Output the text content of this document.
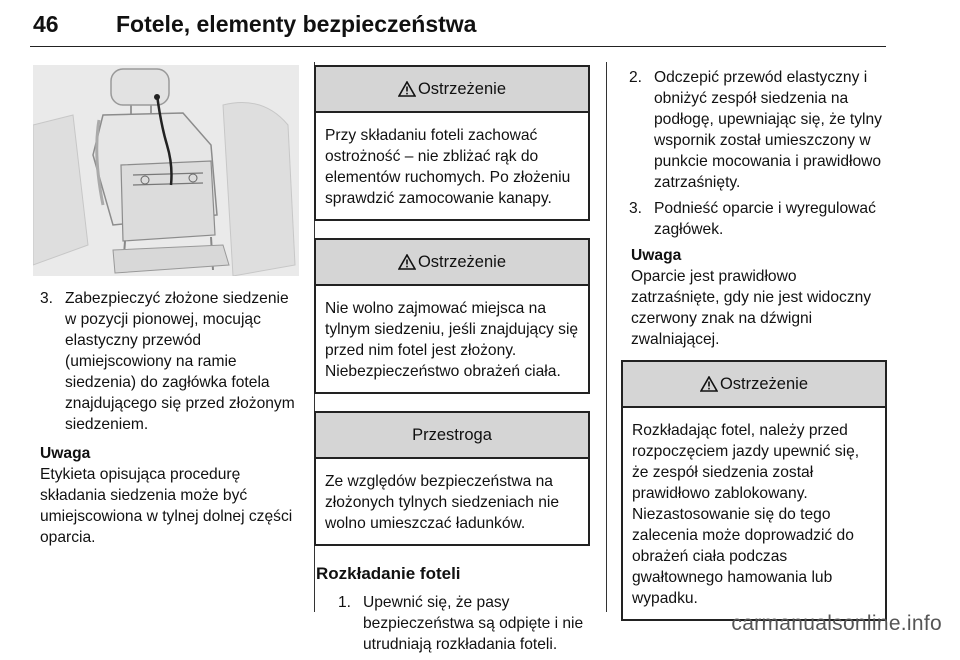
46 Fotele, elementy bezpieczeństwa
3. Zabezpieczyć złożone siedzenie w pozycji pionowej, mocując elastyczny przewód (umiejscowiony na ramie siedzenia) do zagłówka fotela znajdującego się przed złożonym siedzeniem.
Uwaga
Etykieta opisująca procedurę składania siedzenia może być umiejscowiona w tylnej dolnej części oparcia.
Ostrzeżenie
Przy składaniu foteli zachować ostrożność – nie zbliżać rąk do elementów ruchomych. Po złożeniu sprawdzić zamocowanie kanapy.
Ostrzeżenie
Nie wolno zajmować miejsca na tylnym siedzeniu, jeśli znajdujący się przed nim fotel jest złożony. Niebezpieczeństwo obrażeń ciała.
Przestroga
Ze względów bezpieczeństwa na złożonych tylnych siedzeniach nie wolno umieszczać ładunków.
Rozkładanie foteli
1. Upewnić się, że pasy bezpieczeństwa są odpięte i nie utrudniają rozkładania foteli.
2. Odczepić przewód elastyczny i obniżyć zespół siedzenia na podłogę, upewniając się, że tylny wspornik został umieszczony w punkcie mocowania i prawidłowo zatrzaśnięty.
3. Podnieść oparcie i wyregulować zagłówek.
Uwaga
Oparcie jest prawidłowo zatrzaśnięte, gdy nie jest widoczny czerwony znak na dźwigni zwalniającej.
Ostrzeżenie
Rozkładając fotel, należy przed rozpoczęciem jazdy upewnić się, że zespół siedzenia został prawidłowo zablokowany. Niezastosowanie się do tego zalecenia może doprowadzić do obrażeń ciała podczas gwałtownego hamowania lub wypadku.
carmanualsonline.info
